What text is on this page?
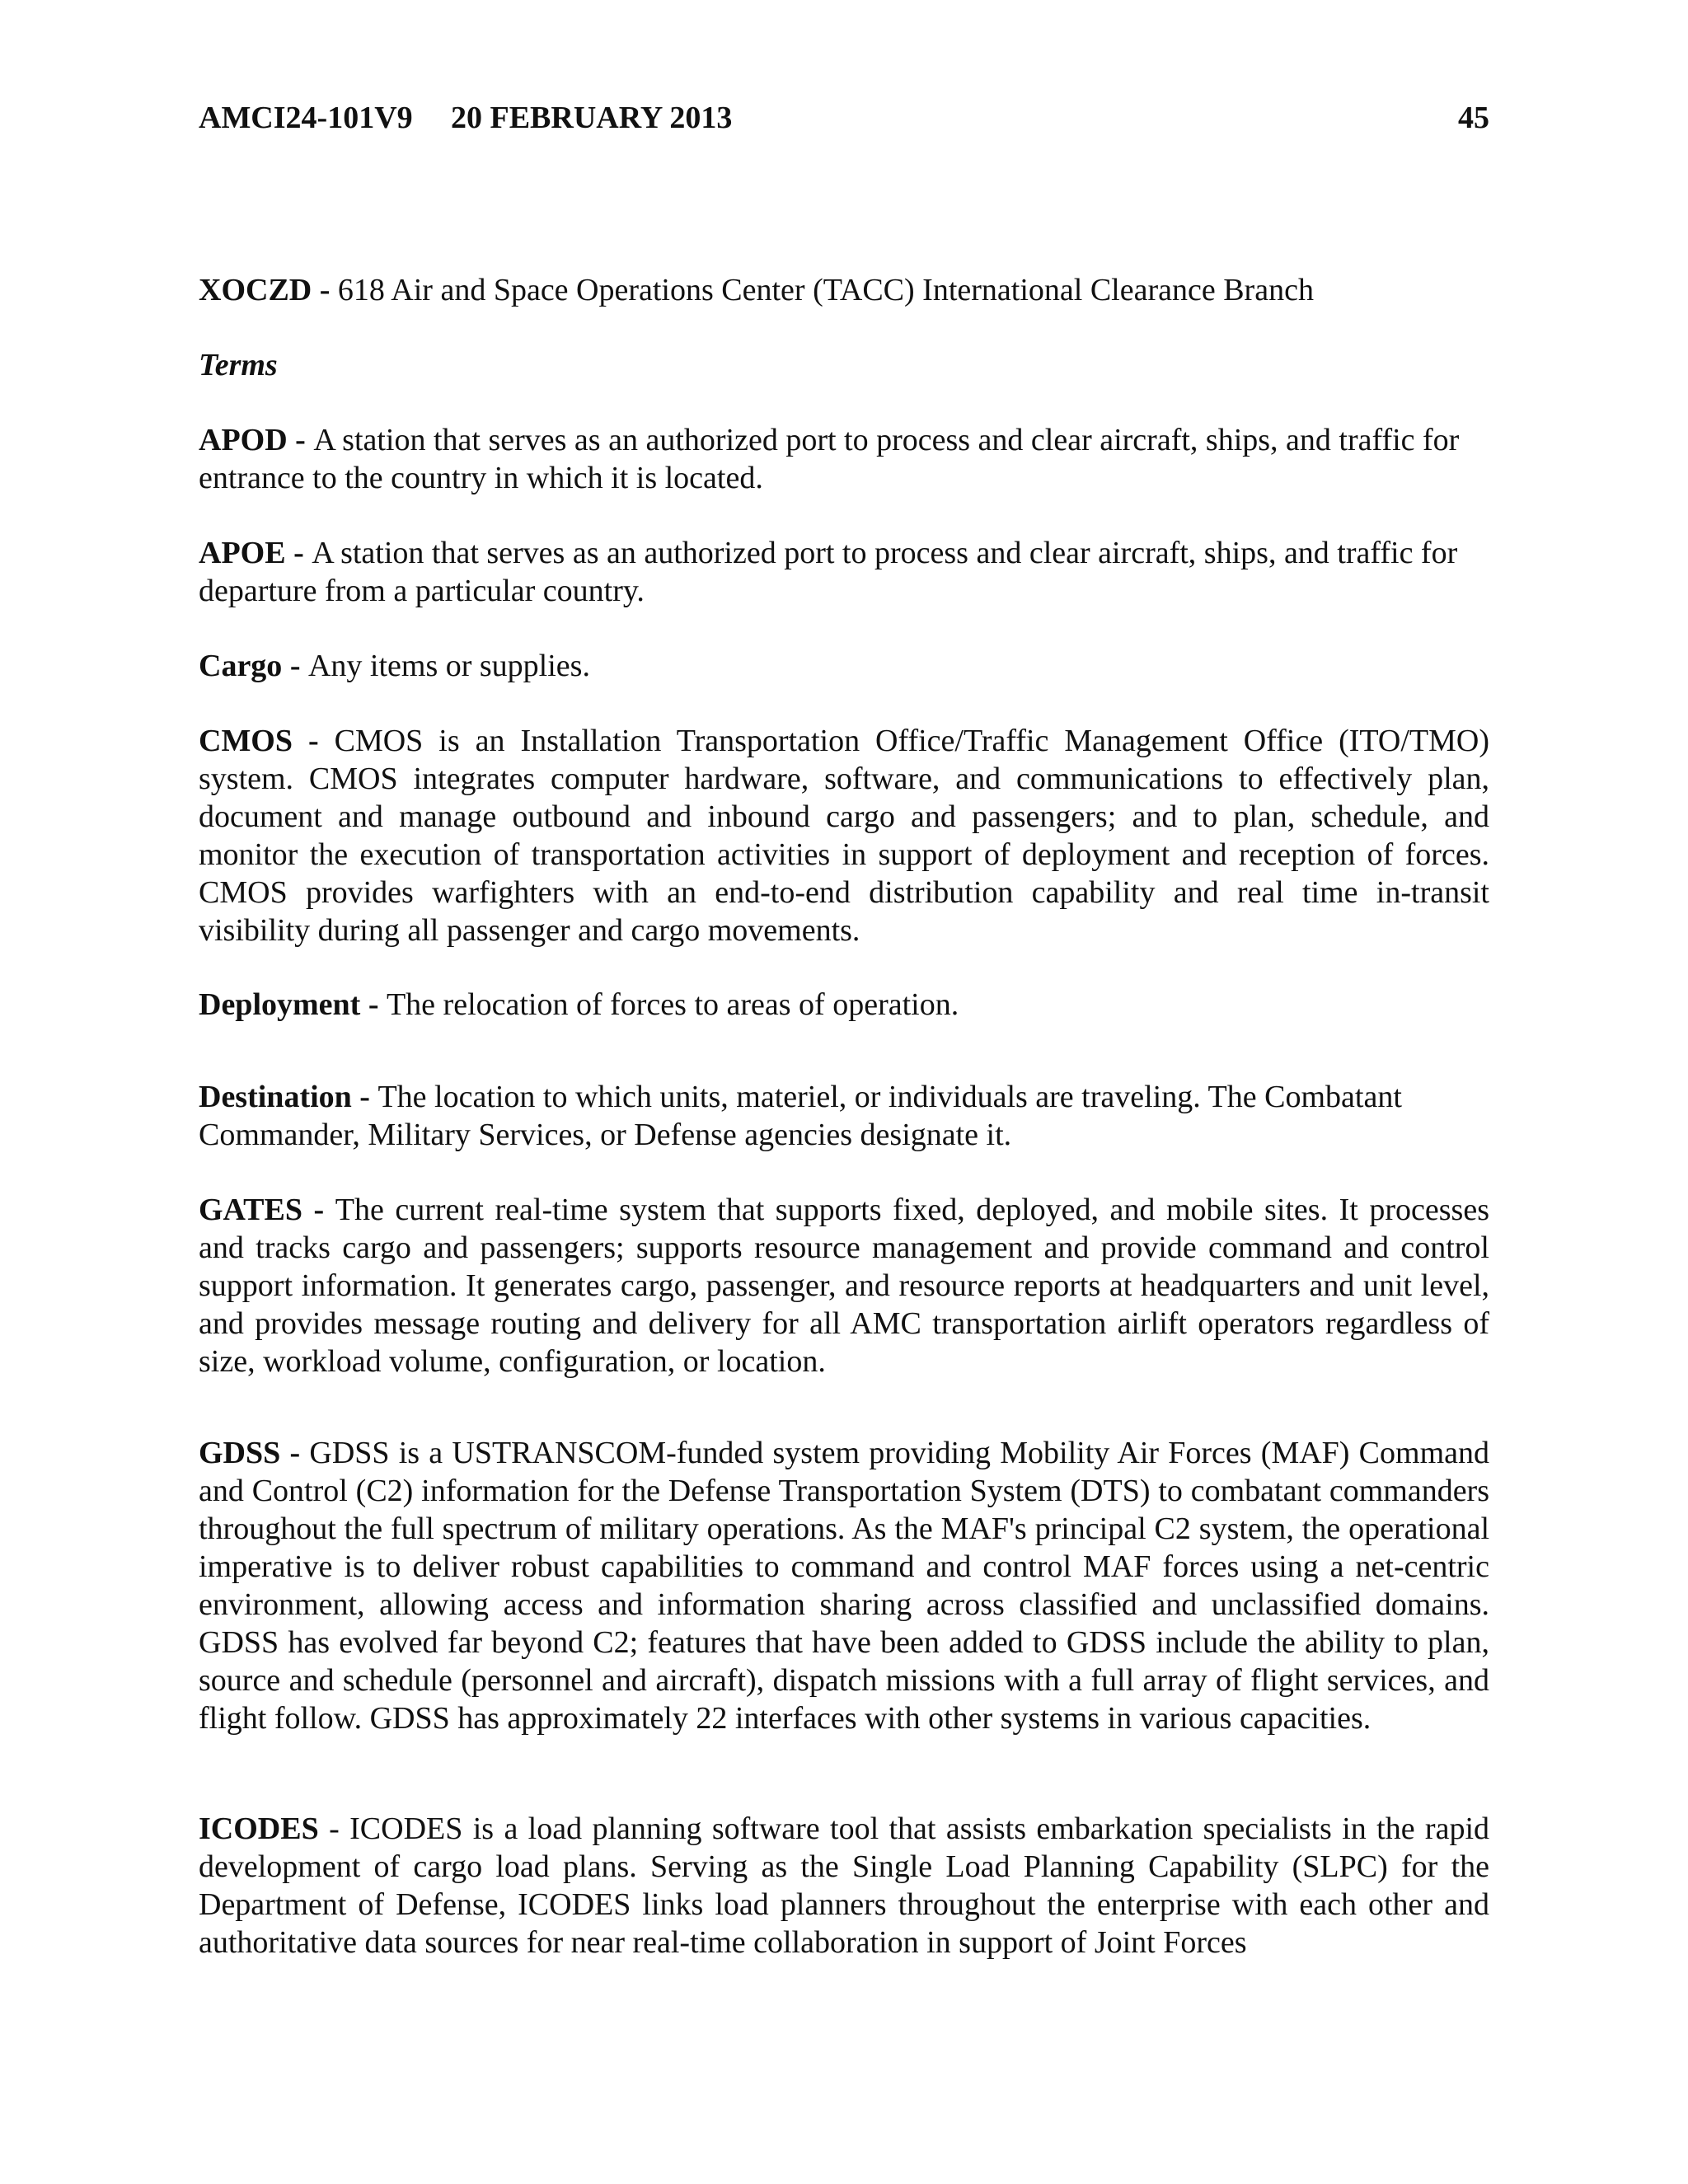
AMCI24-101V9 20 FEBRUARY 2013	45

XOCZD - 618 Air and Space Operations Center (TACC) International Clearance Branch

Terms

APOD - A station that serves as an authorized port to process and clear aircraft, ships, and traffic for entrance to the country in which it is located.

APOE - A station that serves as an authorized port to process and clear aircraft, ships, and traffic for departure from a particular country.

Cargo - Any items or supplies.

CMOS - CMOS is an Installation Transportation Office/Traffic Management Office (ITO/TMO) system. CMOS integrates computer hardware, software, and communications to effectively plan, document and manage outbound and inbound cargo and passengers; and to plan, schedule, and monitor the execution of transportation activities in support of deployment and reception of forces. CMOS provides warfighters with an end-to-end distribution capability and real time in-transit visibility during all passenger and cargo movements.

Deployment - The relocation of forces to areas of operation.

Destination - The location to which units, materiel, or individuals are traveling. The Combatant Commander, Military Services, or Defense agencies designate it.

GATES - The current real-time system that supports fixed, deployed, and mobile sites. It processes and tracks cargo and passengers; supports resource management and provide command and control support information. It generates cargo, passenger, and resource reports at headquarters and unit level, and provides message routing and delivery for all AMC transportation airlift operators regardless of size, workload volume, configuration, or location.

GDSS - GDSS is a USTRANSCOM-funded system providing Mobility Air Forces (MAF) Command and Control (C2) information for the Defense Transportation System (DTS) to combatant commanders throughout the full spectrum of military operations. As the MAF's principal C2 system, the operational imperative is to deliver robust capabilities to command and control MAF forces using a net-centric environment, allowing access and information sharing across classified and unclassified domains. GDSS has evolved far beyond C2; features that have been added to GDSS include the ability to plan, source and schedule (personnel and aircraft), dispatch missions with a full array of flight services, and flight follow. GDSS has approximately 22 interfaces with other systems in various capacities.

ICODES - ICODES is a load planning software tool that assists embarkation specialists in the rapid development of cargo load plans. Serving as the Single Load Planning Capability (SLPC) for the Department of Defense, ICODES links load planners throughout the enterprise with each other and authoritative data sources for near real-time collaboration in support of Joint Forces
